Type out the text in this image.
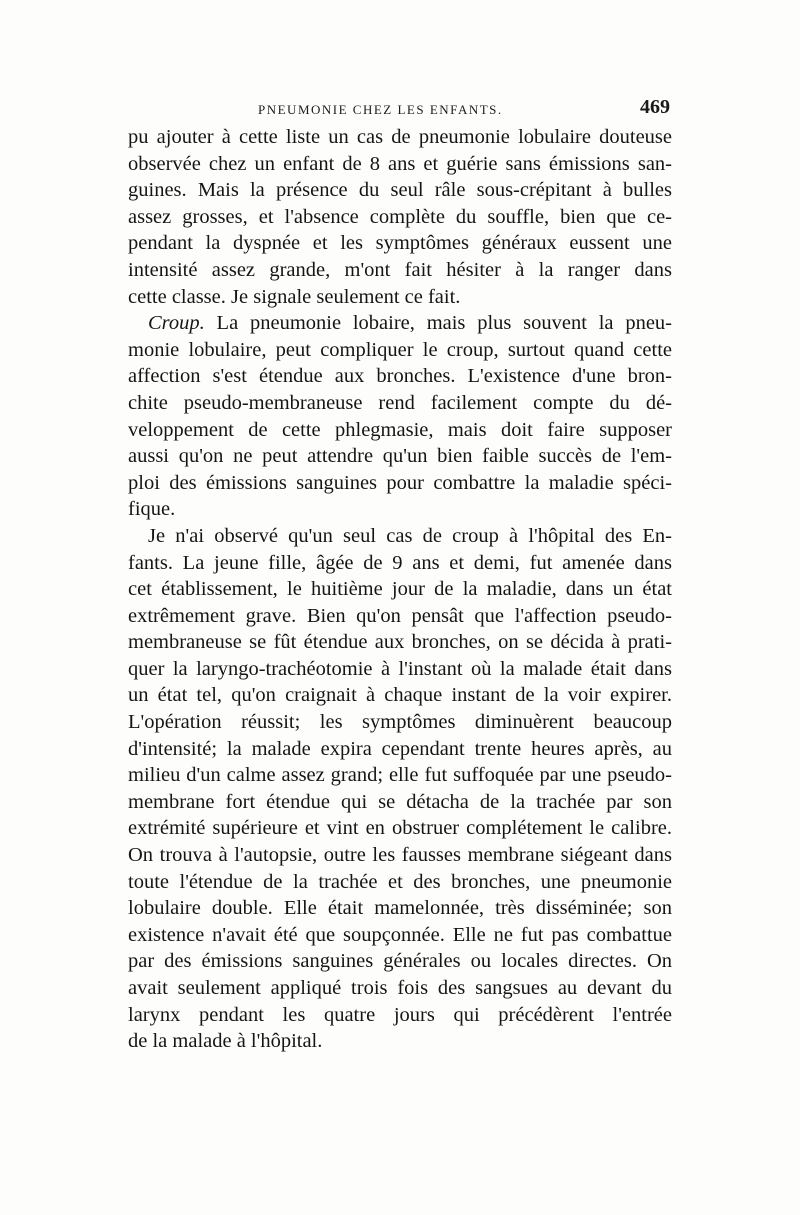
PNEUMONIE CHEZ LES ENFANTS.	469

pu ajouter à cette liste un cas de pneumonie lobulaire douteuse
observée chez un enfant de 8 ans et guérie sans émissions san-
guines. Mais la présence du seul râle sous-crépitant à bulles
assez grosses, et l'absence complète du souffle, bien que ce-
pendant la dyspnée et les symptômes généraux eussent une
intensité assez grande, m'ont fait hésiter à la ranger dans
cette classe. Je signale seulement ce fait.

Croup. La pneumonie lobaire, mais plus souvent la pneu-
monie lobulaire, peut compliquer le croup, surtout quand cette
affection s'est étendue aux bronches. L'existence d'une bron-
chite pseudo-membraneuse rend facilement compte du dé-
veloppement de cette phlegmasie, mais doit faire supposer
aussi qu'on ne peut attendre qu'un bien faible succès de l'em-
ploi des émissions sanguines pour combattre la maladie spéci-
fique.

Je n'ai observé qu'un seul cas de croup à l'hôpital des En-
fants. La jeune fille, âgée de 9 ans et demi, fut amenée dans
cet établissement, le huitième jour de la maladie, dans un état
extrêmement grave. Bien qu'on pensât que l'affection pseudo-
membraneuse se fût étendue aux bronches, on se décida à prati-
quer la laryngo-trachéotomie à l'instant où la malade était dans
un état tel, qu'on craignait à chaque instant de la voir expirer.
L'opération réussit; les symptômes diminuèrent beaucoup
d'intensité; la malade expira cependant trente heures après, au
milieu d'un calme assez grand; elle fut suffoquée par une pseudo-
membrane fort étendue qui se détacha de la trachée par son
extrémité supérieure et vint en obstruer complétement le calibre.
On trouva à l'autopsie, outre les fausses membrane siégeant dans
toute l'étendue de la trachée et des bronches, une pneumonie
lobulaire double. Elle était mamelonnée, très disséminée; son
existence n'avait été que soupçonnée. Elle ne fut pas combattue
par des émissions sanguines générales ou locales directes. On
avait seulement appliqué trois fois des sangsues au devant du
larynx pendant les quatre jours qui précédèrent l'entrée
de la malade à l'hôpital.
